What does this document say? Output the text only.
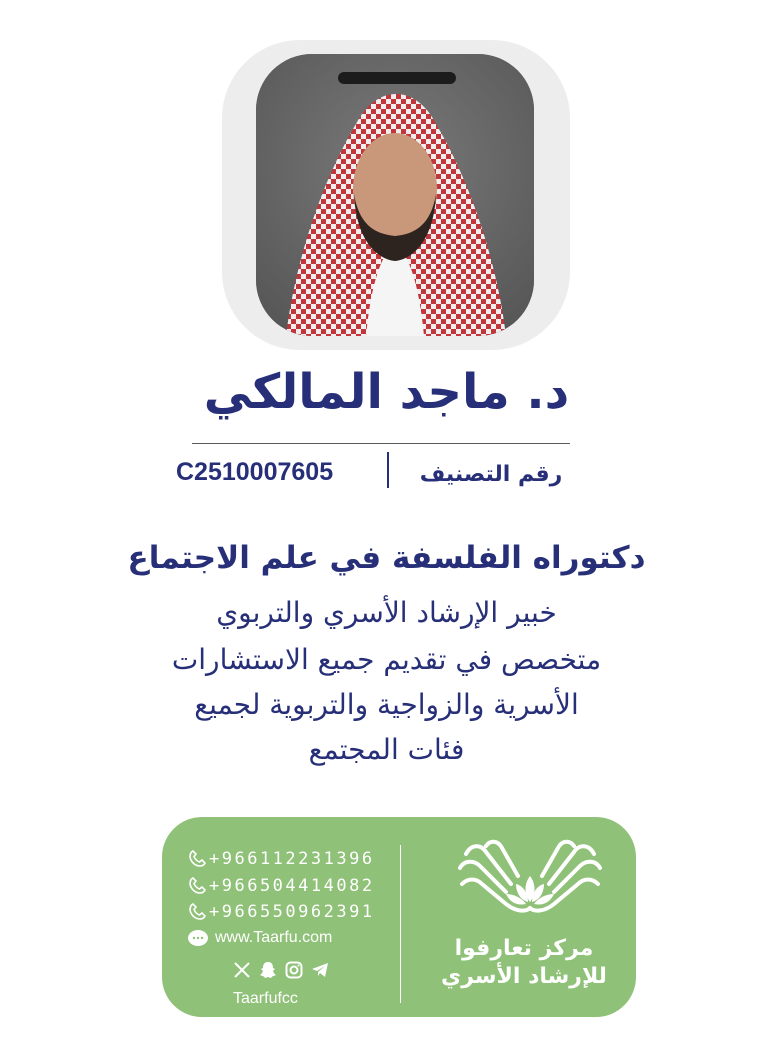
د. ماجد المالكي
رقم التصنيف
C2510007605
دكتوراه الفلسفة في علم الاجتماع
خبير الإرشاد الأسري والتربوي
متخصص في تقديم جميع الاستشارات
الأسرية والزواجية والتربوية لجميع
فئات المجتمع
+966112231396
+966504414082
+966550962391
www.Taarfu.com
Taarfufcc
مركز تعارفوا
للإرشاد الأسري
